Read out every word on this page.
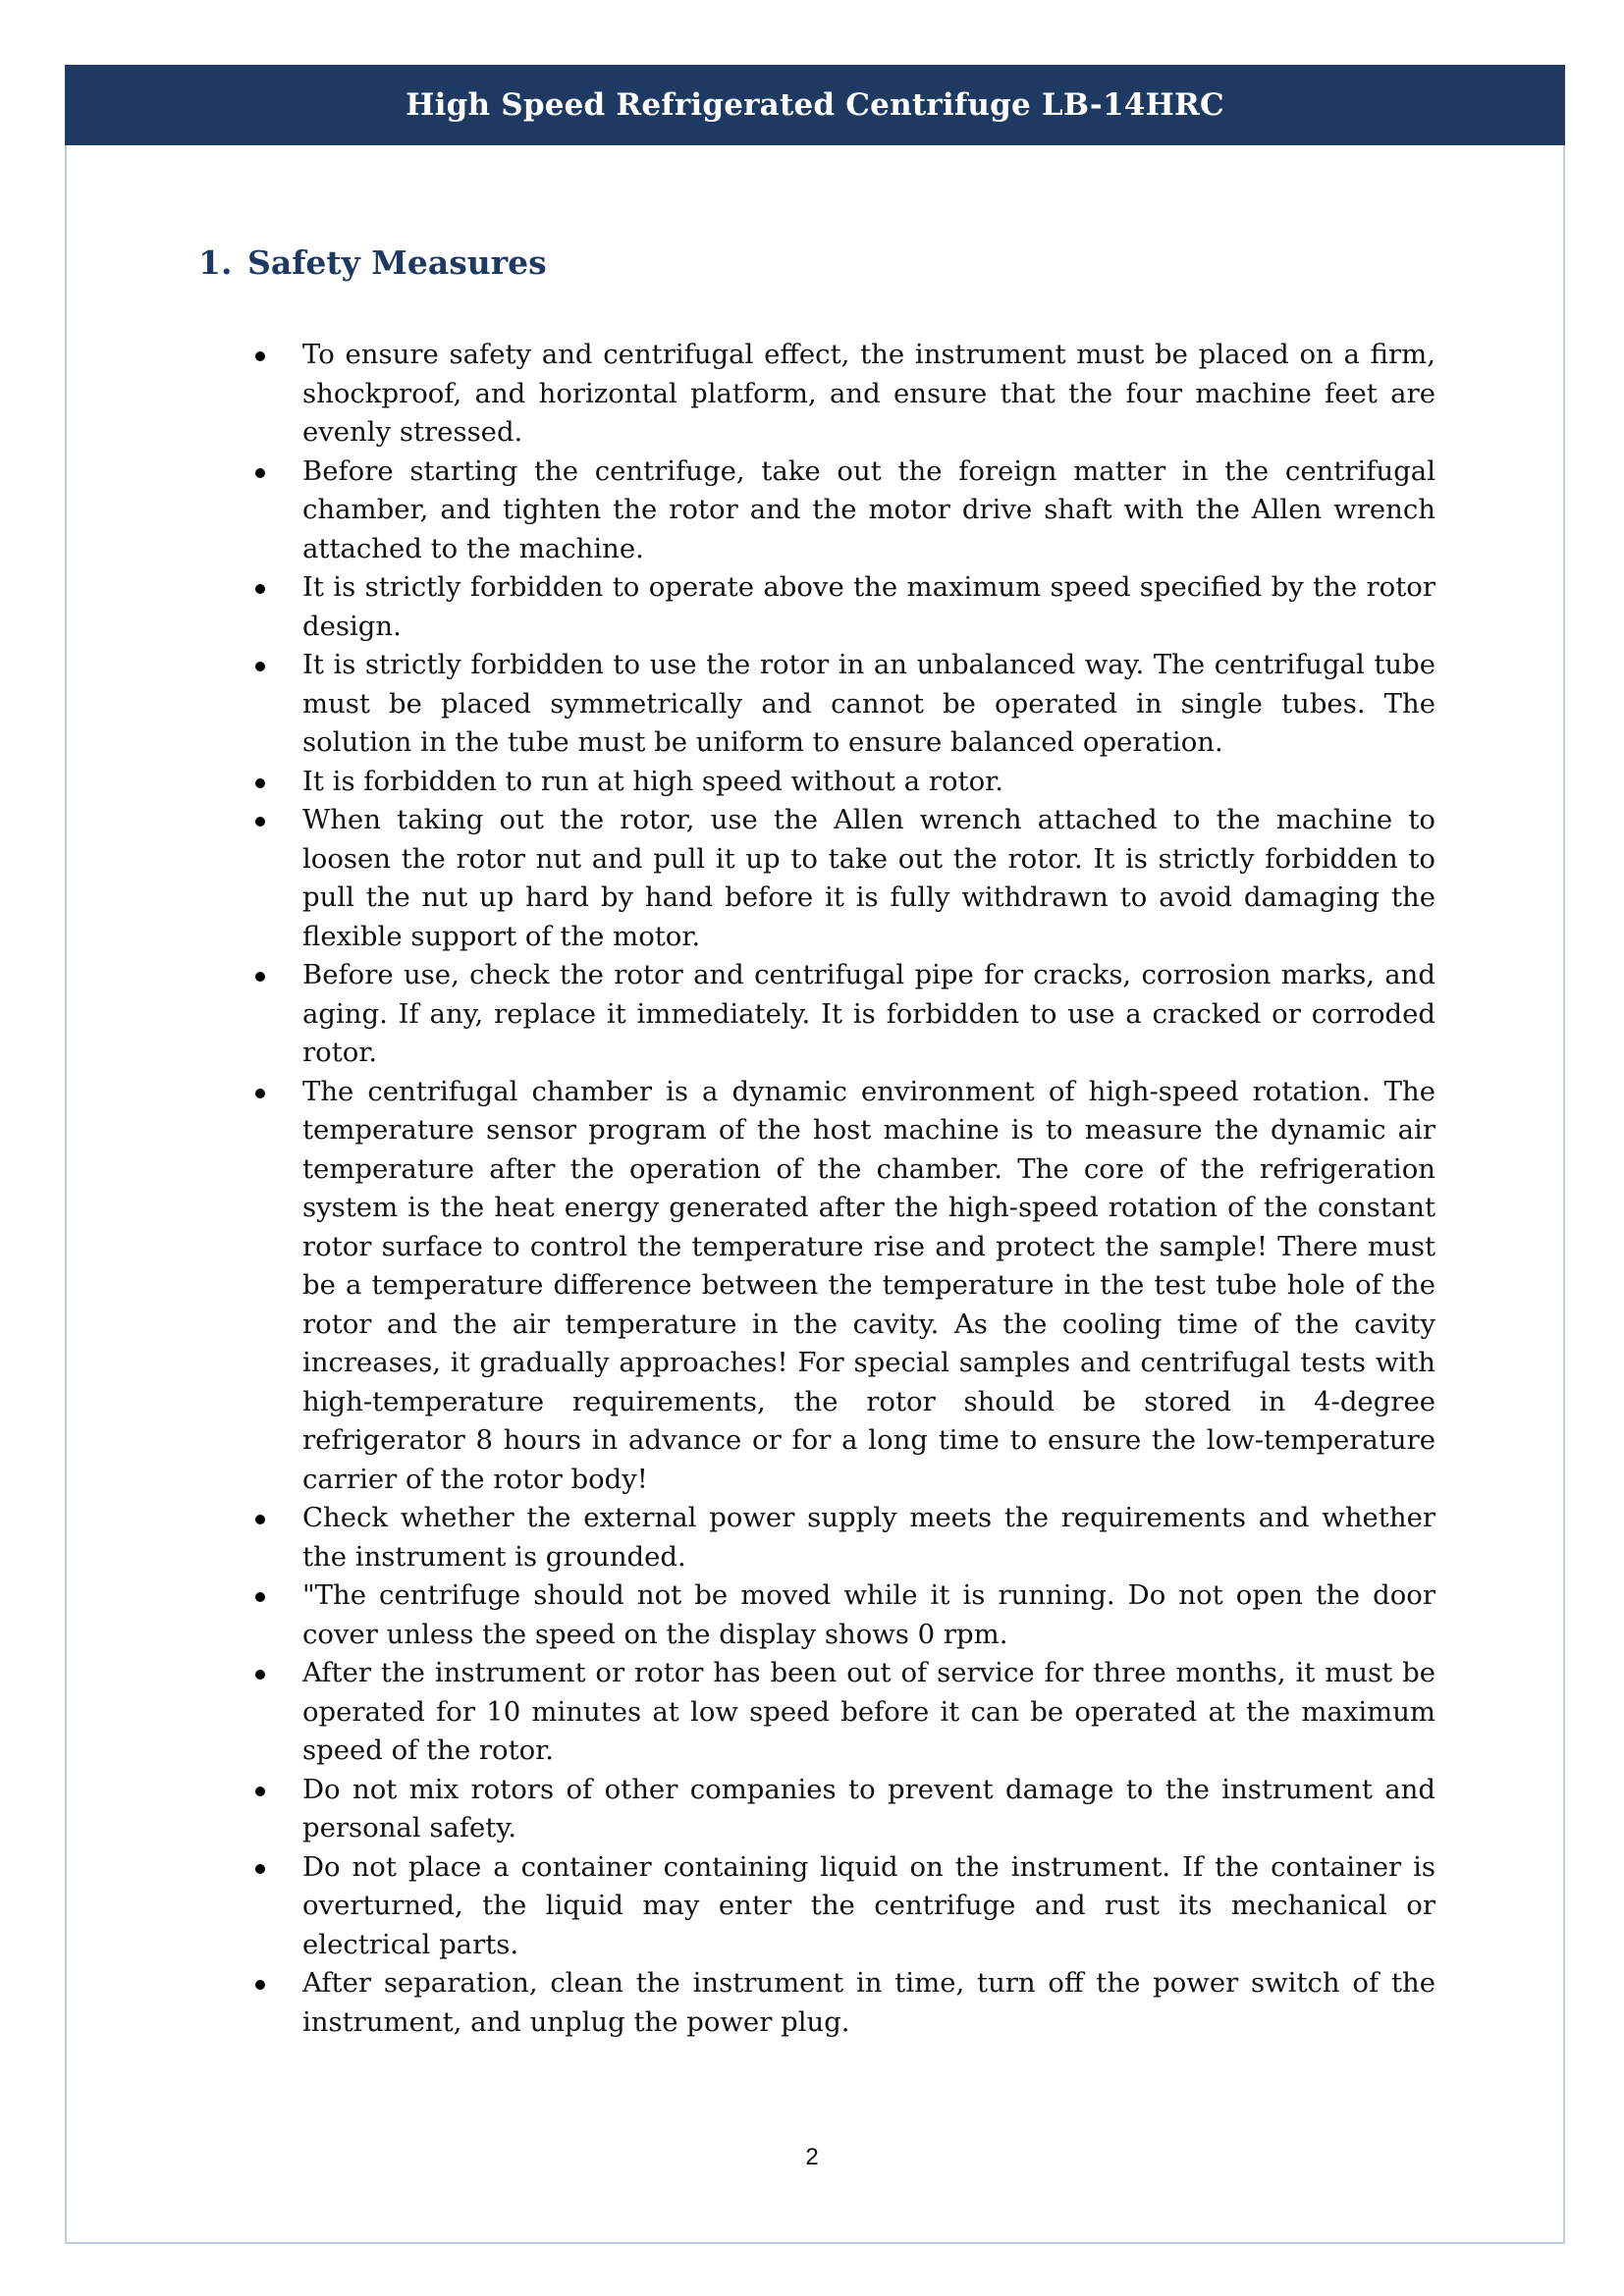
High Speed Refrigerated Centrifuge LB-14HRC
1. Safety Measures
To ensure safety and centrifugal effect, the instrument must be placed on a firm, shockproof, and horizontal platform, and ensure that the four machine feet are evenly stressed.
Before starting the centrifuge, take out the foreign matter in the centrifugal chamber, and tighten the rotor and the motor drive shaft with the Allen wrench attached to the machine.
It is strictly forbidden to operate above the maximum speed specified by the rotor design.
It is strictly forbidden to use the rotor in an unbalanced way. The centrifugal tube must be placed symmetrically and cannot be operated in single tubes. The solution in the tube must be uniform to ensure balanced operation.
It is forbidden to run at high speed without a rotor.
When taking out the rotor, use the Allen wrench attached to the machine to loosen the rotor nut and pull it up to take out the rotor. It is strictly forbidden to pull the nut up hard by hand before it is fully withdrawn to avoid damaging the flexible support of the motor.
Before use, check the rotor and centrifugal pipe for cracks, corrosion marks, and aging. If any, replace it immediately. It is forbidden to use a cracked or corroded rotor.
The centrifugal chamber is a dynamic environment of high-speed rotation. The temperature sensor program of the host machine is to measure the dynamic air temperature after the operation of the chamber. The core of the refrigeration system is the heat energy generated after the high-speed rotation of the constant rotor surface to control the temperature rise and protect the sample! There must be a temperature difference between the temperature in the test tube hole of the rotor and the air temperature in the cavity. As the cooling time of the cavity increases, it gradually approaches! For special samples and centrifugal tests with high-temperature requirements, the rotor should be stored in 4-degree refrigerator 8 hours in advance or for a long time to ensure the low-temperature carrier of the rotor body!
Check whether the external power supply meets the requirements and whether the instrument is grounded.
"The centrifuge should not be moved while it is running. Do not open the door cover unless the speed on the display shows 0 rpm.
After the instrument or rotor has been out of service for three months, it must be operated for 10 minutes at low speed before it can be operated at the maximum speed of the rotor.
Do not mix rotors of other companies to prevent damage to the instrument and personal safety.
Do not place a container containing liquid on the instrument. If the container is overturned, the liquid may enter the centrifuge and rust its mechanical or electrical parts.
After separation, clean the instrument in time, turn off the power switch of the instrument, and unplug the power plug.
2
